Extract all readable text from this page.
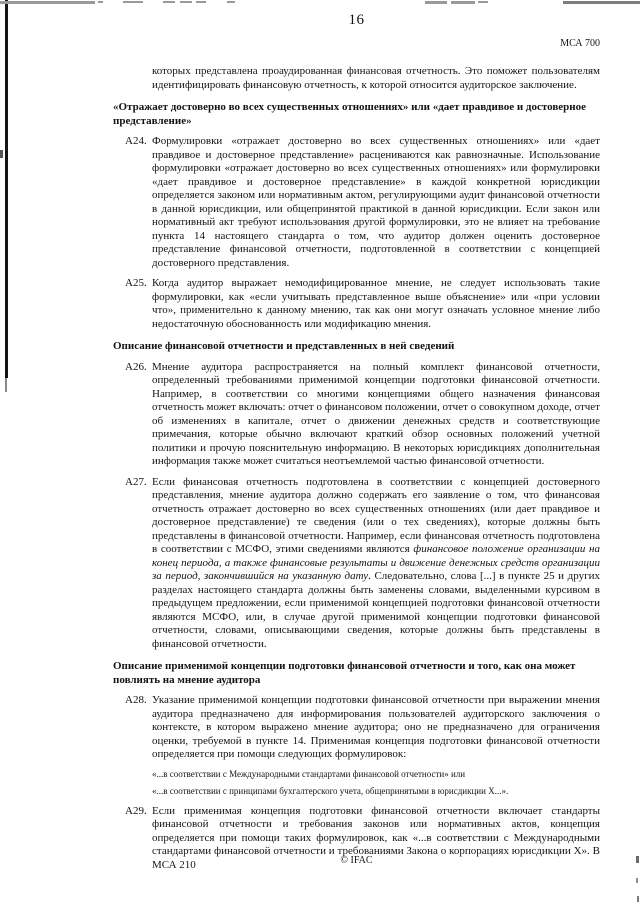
16
МСА 700

которых представлена проаудированная финансовая отчетность. Это поможет пользователям идентифицировать финансовую отчетность, к которой относится аудиторское заключение.

«Отражает достоверно во всех существенных отношениях» или «дает правдивое и достоверное представление»
А24. Формулировки «отражает достоверно во всех существенных отношениях» или «дает правдивое и достоверное представление» расцениваются как равнозначные. Использование формулировки «отражает достоверно во всех существенных отношениях» или формулировки «дает правдивое и достоверное представление» в каждой конкретной юрисдикции определяется законом или нормативным актом, регулирующими аудит финансовой отчетности в данной юрисдикции, или общепринятой практикой в данной юрисдикции. Если закон или нормативный акт требуют использования другой формулировки, это не влияет на требование пункта 14 настоящего стандарта о том, что аудитор должен оценить достоверное представление финансовой отчетности, подготовленной в соответствии с концепцией достоверного представления.
А25. Когда аудитор выражает немодифицированное мнение, не следует использовать такие формулировки, как «если учитывать представленное выше объяснение» или «при условии что», применительно к данному мнению, так как они могут означать условное мнение либо недостаточную обоснованность или модификацию мнения.
Описание финансовой отчетности и представленных в ней сведений
А26. Мнение аудитора распространяется на полный комплект финансовой отчетности, определенный требованиями применимой концепции подготовки финансовой отчетности. Например, в соответствии со многими концепциями общего назначения финансовая отчетность может включать: отчет о финансовом положении, отчет о совокупном доходе, отчет об изменениях в капитале, отчет о движении денежных средств и соответствующие примечания, которые обычно включают краткий обзор основных положений учетной политики и прочую пояснительную информацию. В некоторых юрисдикциях дополнительная информация также может считаться неотъемлемой частью финансовой отчетности.
А27. Если финансовая отчетность подготовлена в соответствии с концепцией достоверного представления, мнение аудитора должно содержать его заявление о том, что финансовая отчетность отражает достоверно во всех существенных отношениях (или дает правдивое и достоверное представление) те сведения (или о тех сведениях), которые должны быть представлены в финансовой отчетности. Например, если финансовая отчетность подготовлена в соответствии с МСФО, этими сведениями являются финансовое положение организации на конец периода, а также финансовые результаты и движение денежных средств организации за период, закончившийся на указанную дату. Следовательно, слова [...] в пункте 25 и других разделах настоящего стандарта должны быть заменены словами, выделенными курсивом в предыдущем предложении, если применимой концепцией подготовки финансовой отчетности являются МСФО, или, в случае другой применимой концепции подготовки финансовой отчетности, словами, описывающими сведения, которые должны быть представлены в финансовой отчетности.
Описание применимой концепции подготовки финансовой отчетности и того, как она может повлиять на мнение аудитора
А28. Указание применимой концепции подготовки финансовой отчетности при выражении мнения аудитора предназначено для информирования пользователей аудиторского заключения о контексте, в котором выражено мнение аудитора; оно не предназначено для ограничения оценки, требуемой в пункте 14. Применимая концепция подготовки финансовой отчетности определяется при помощи следующих формулировок:

«...в соответствии с Международными стандартами финансовой отчетности» или

«...в соответствии с принципами бухгалтерского учета, общепринятыми в юрисдикции Х...».

А29. Если применимая концепция подготовки финансовой отчетности включает стандарты финансовой отчетности и требования законов или нормативных актов, концепция определяется при помощи таких формулировок, как «...в соответствии с Международными стандартами финансовой отчетности и требованиями Закона о корпорациях юрисдикции Х». В МСА 210	© IFAC
